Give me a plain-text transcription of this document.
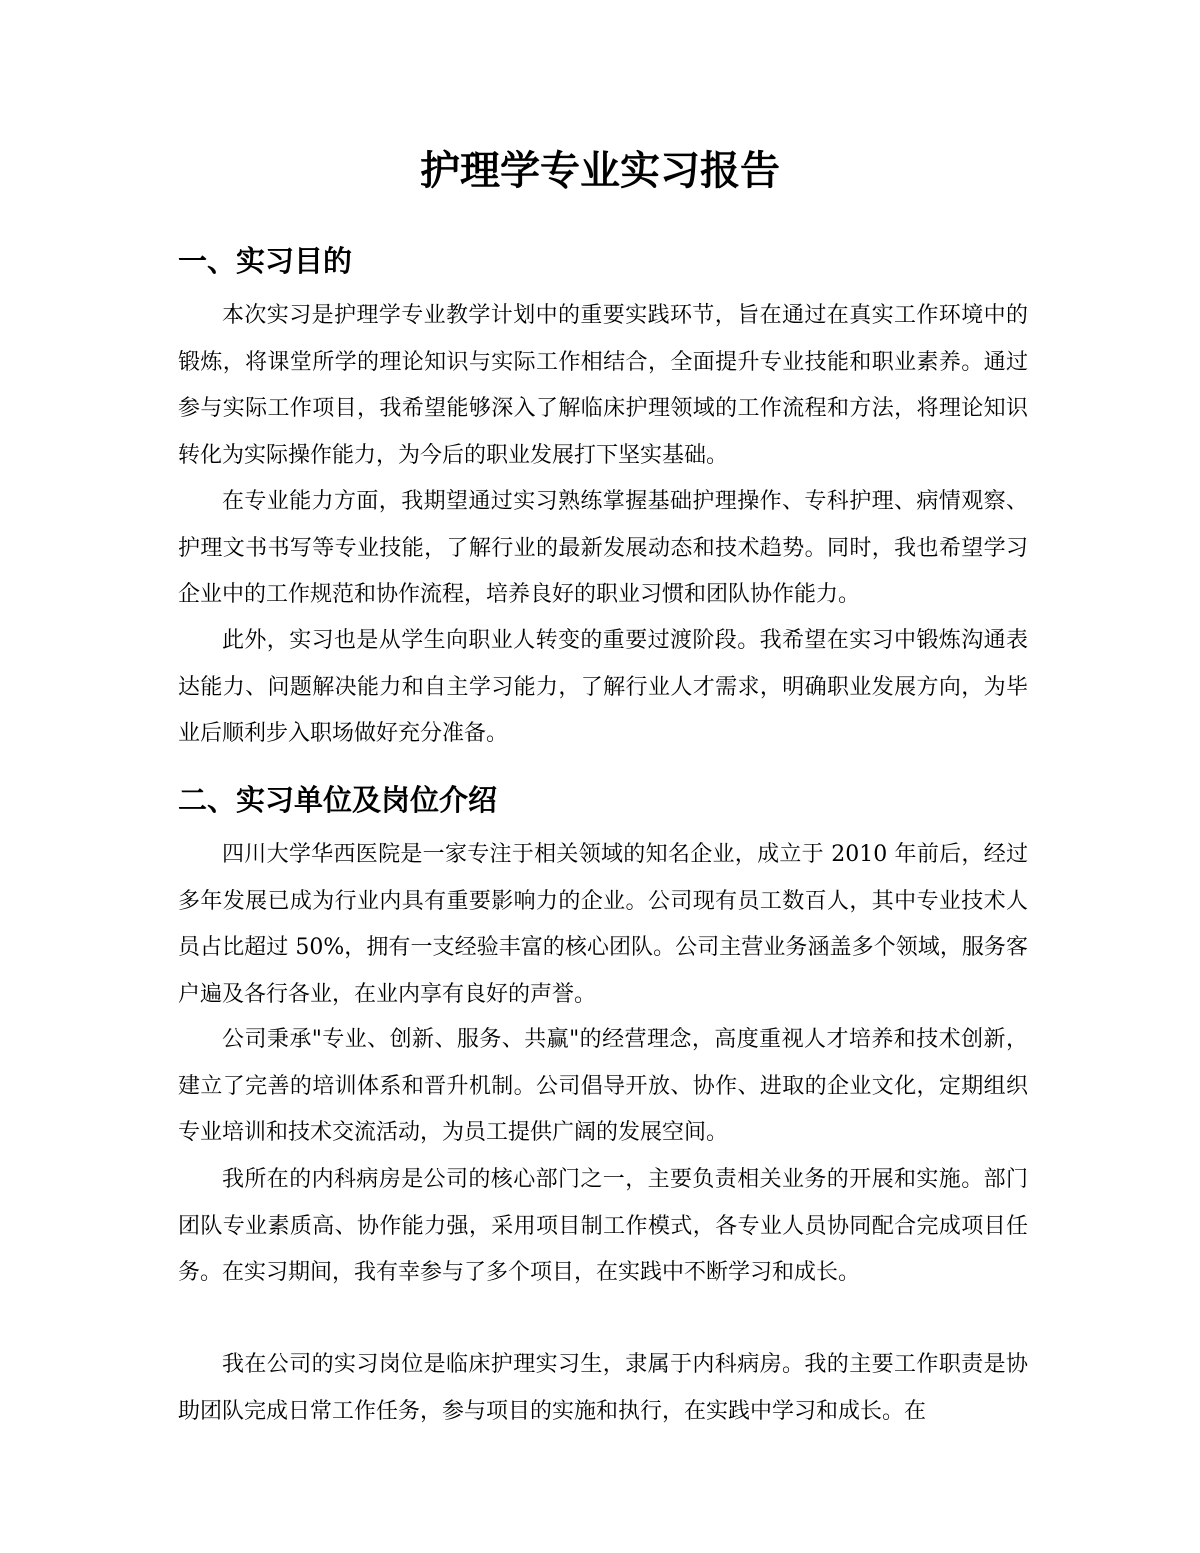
护理学专业实习报告
一、实习目的

本次实习是护理学专业教学计划中的重要实践环节，旨在通过在真实工作环境中的锻炼，将课堂所学的理论知识与实际工作相结合，全面提升专业技能和职业素养。通过参与实际工作项目，我希望能够深入了解临床护理领域的工作流程和方法，将理论知识转化为实际操作能力，为今后的职业发展打下坚实基础。

在专业能力方面，我期望通过实习熟练掌握基础护理操作、专科护理、病情观察、护理文书书写等专业技能，了解行业的最新发展动态和技术趋势。同时，我也希望学习企业中的工作规范和协作流程，培养良好的职业习惯和团队协作能力。

此外，实习也是从学生向职业人转变的重要过渡阶段。我希望在实习中锻炼沟通表达能力、问题解决能力和自主学习能力，了解行业人才需求，明确职业发展方向，为毕业后顺利步入职场做好充分准备。

二、实习单位及岗位介绍

四川大学华西医院是一家专注于相关领域的知名企业，成立于 2010 年前后，经过多年发展已成为行业内具有重要影响力的企业。公司现有员工数百人，其中专业技术人员占比超过 50%，拥有一支经验丰富的核心团队。公司主营业务涵盖多个领域，服务客户遍及各行各业，在业内享有良好的声誉。

公司秉承"专业、创新、服务、共赢"的经营理念，高度重视人才培养和技术创新，建立了完善的培训体系和晋升机制。公司倡导开放、协作、进取的企业文化，定期组织专业培训和技术交流活动，为员工提供广阔的发展空间。

我所在的内科病房是公司的核心部门之一，主要负责相关业务的开展和实施。部门团队专业素质高、协作能力强，采用项目制工作模式，各专业人员协同配合完成项目任务。在实习期间，我有幸参与了多个项目，在实践中不断学习和成长。

我在公司的实习岗位是临床护理实习生，隶属于内科病房。我的主要工作职责是协助团队完成日常工作任务，参与项目的实施和执行，在实践中学习和成长。在
